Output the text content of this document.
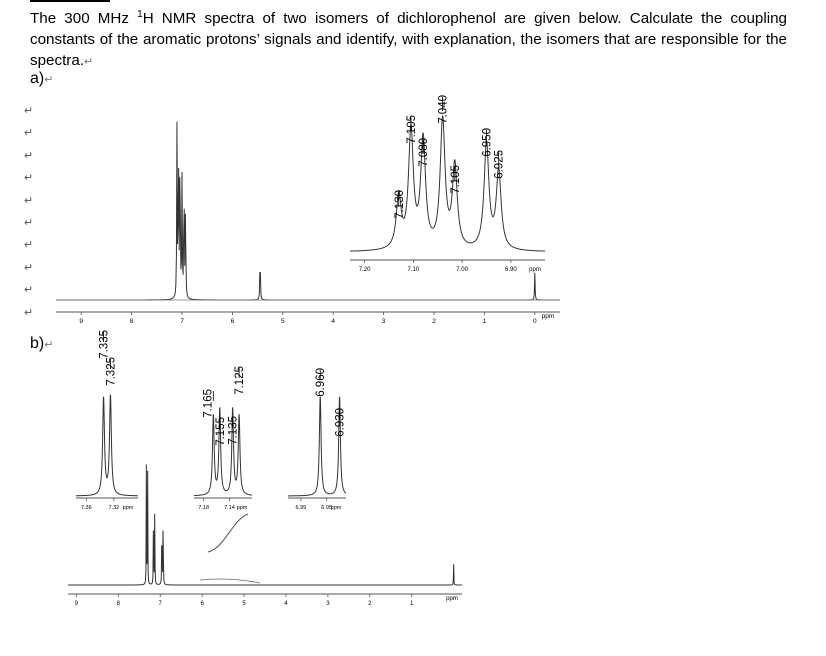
The 300 MHz $^1$H NMR spectra of two isomers of dichlorophenol are given below. Calculate the coupling constants of the aromatic protons’ signals and identify, with explanation, the isomers that are responsible for the spectra.↵

a)↵
↵
↵
↵
↵
↵
↵
↵
↵
↵
↵
b)↵
9	8	7	6	5	4	3	2	1	0
ppm
7.20	7.10	7.00	6.90 ppm
7.130
7.105
7.080
7.040
7.105
6.950
6.925
9	8	7	6	5	4	3	2	1
ppm
7.36	7.32 ppm
7.335
7.325
7.18	7.14 ppm
7.165
7.155 7.135
7.125
6.99	6.95
ppm
6.960
6.930
